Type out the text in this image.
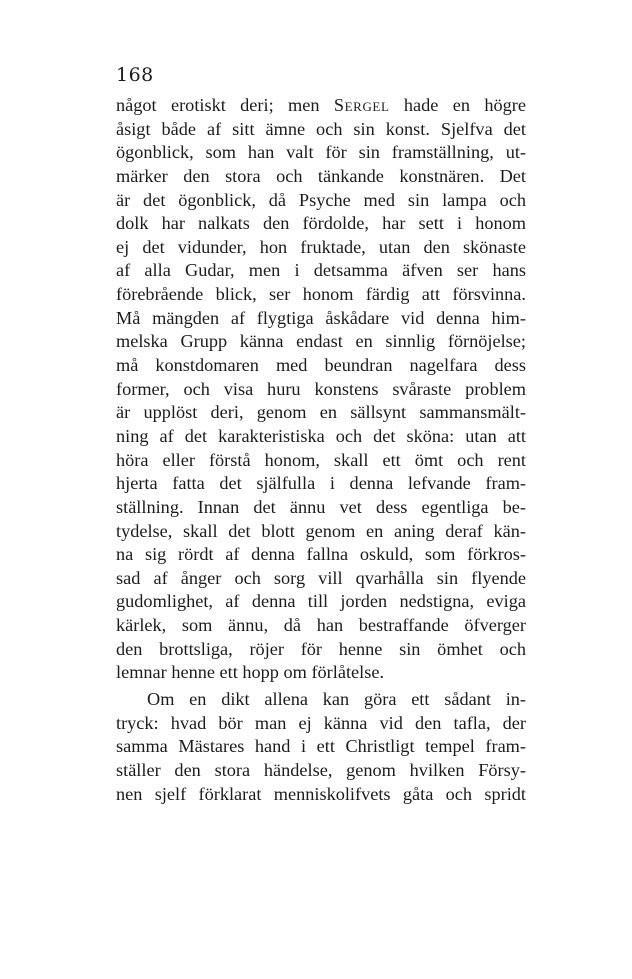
168
något erotiskt deri; men Sergel hade en högre
åsigt både af sitt ämne och sin konst. Sjelfva det
ögonblick, som han valt för sin framställning, ut-
märker den stora och tänkande konstnären. Det
är det ögonblick, då Psyche med sin lampa och
dolk har nalkats den fördolde, har sett i honom
ej det vidunder, hon fruktade, utan den skönaste
af alla Gudar, men i detsamma äfven ser hans
förebrående blick, ser honom färdig att försvinna.
Må mängden af flygtiga åskådare vid denna him-
melska Grupp känna endast en sinnlig förnöjelse;
må konstdomaren med beundran nagelfara dess
former, och visa huru konstens svåraste problem
är upplöst deri, genom en sällsynt sammansmält-
ning af det karakteristiska och det sköna: utan att
höra eller förstå honom, skall ett ömt och rent
hjerta fatta det själfulla i denna lefvande fram-
ställning. Innan det ännu vet dess egentliga be-
tydelse, skall det blott genom en aning deraf kän-
na sig rördt af denna fallna oskuld, som förkros-
sad af ånger och sorg vill qvarhålla sin flyende
gudomlighet, af denna till jorden nedstigna, eviga
kärlek, som ännu, då han bestraffande öfverger
den brottsliga, röjer för henne sin ömhet och
lemnar henne ett hopp om förlåtelse.
Om en dikt allena kan göra ett sådant in-
tryck: hvad bör man ej känna vid den tafla, der
samma Mästares hand i ett Christligt tempel fram-
ställer den stora händelse, genom hvilken Försy-
nen sjelf förklarat menniskolifvets gåta och spridt
